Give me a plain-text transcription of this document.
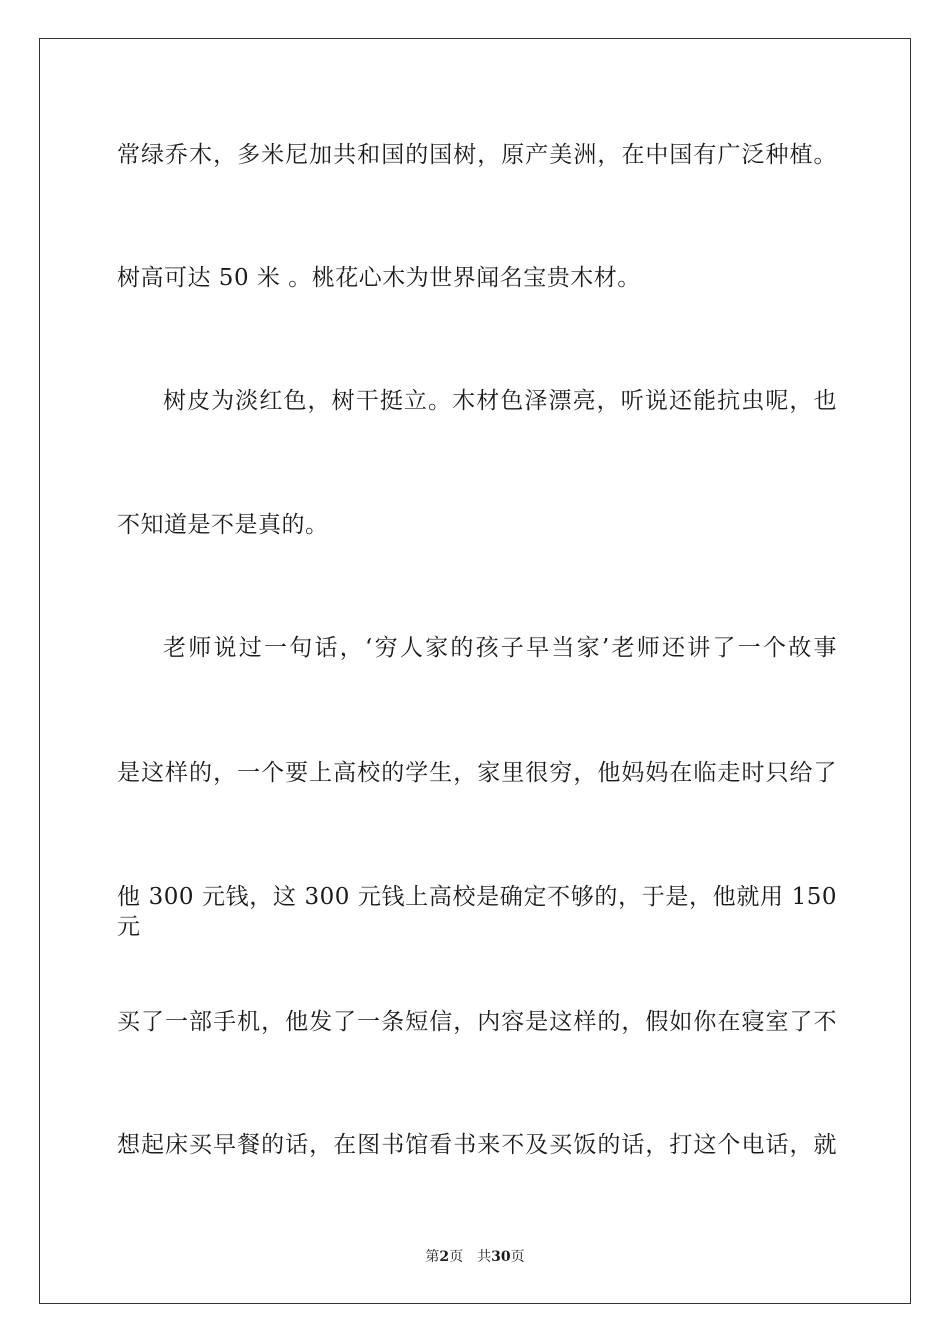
常绿乔木，多米尼加共和国的国树，原产美洲，在中国有广泛种植。
树高可达 50 米 。桃花心木为世界闻名宝贵木材。
树皮为淡红色，树干挺立。木材色泽漂亮，听说还能抗虫呢，也
不知道是不是真的。
老师说过一句话，‘穷人家的孩子早当家’老师还讲了一个故事
是这样的，一个要上高校的学生，家里很穷，他妈妈在临走时只给了
他 300 元钱，这 300 元钱上高校是确定不够的，于是，他就用 150 元
买了一部手机，他发了一条短信，内容是这样的，假如你在寝室了不
想起床买早餐的话，在图书馆看书来不及买饭的话，打这个电话，就
第2页 共30页
